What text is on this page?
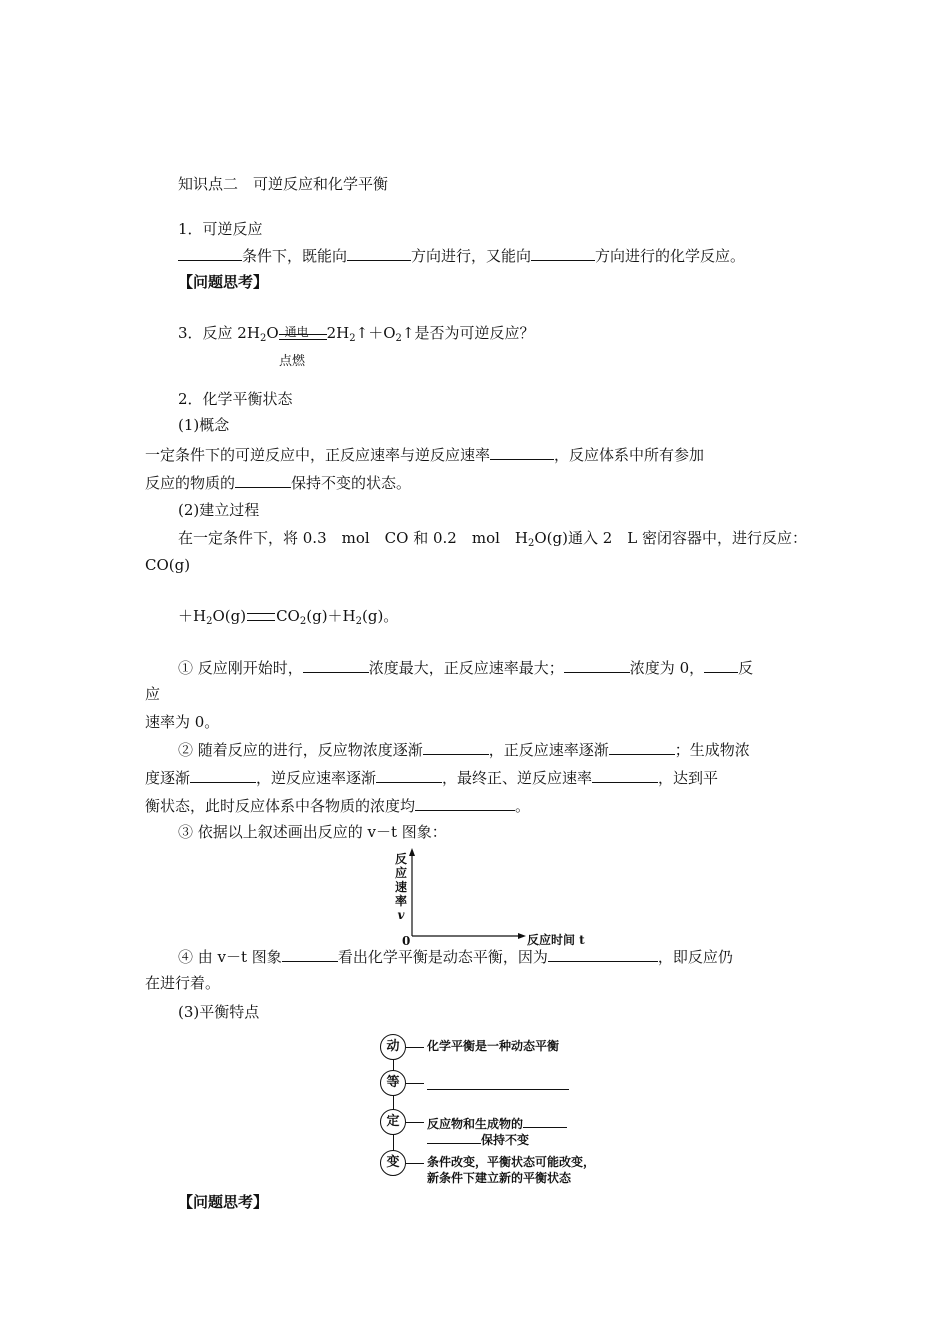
知识点二　可逆反应和化学平衡
1．可逆反应
条件下，既能向	方向进行，又能向	方向进行的化学反应。
【问题思考】
3．反应 $2H_2O$ 通电 $2H_2↑+O_2↑$是否为可逆反应？
点燃
2．化学平衡状态
(1)概念
一定条件下的可逆反应中，正反应速率与逆反应速率	，反应体系中所有参加
反应的物质的	保持不变的状态。
(2)建立过程
在一定条件下，将 0.3　mol　CO 和 0.2　mol　$H_2O(g)$通入 2　L 密闭容器中，进行反应：
CO(g)
$+H_2O(g)$ $CO_2(g)+H_2(g)$。
① 反应刚开始时，	浓度最大，正反应速率最大；	浓度为 0， 反
应
速率为 0。
② 随着反应的进行，反应物浓度逐渐	，正反应速率逐渐	；生成物浓
度逐渐	，逆反应速率逐渐	，最终正、逆反应速率	，达到平
衡状态，此时反应体系中各物质的浓度均	。
③ 依据以上叙述画出反应的 v－t 图象：
反
应
速
率
v
0	反应时间 t
④ 由 v－t 图象	看出化学平衡是动态平衡，因为	，即反应仍
在进行着。
(3)平衡特点
动	化学平衡是一种动态平衡
等
定	反应物和生成物的
保持不变
变	条件改变，平衡状态可能改变，
新条件下建立新的平衡状态
【问题思考】
